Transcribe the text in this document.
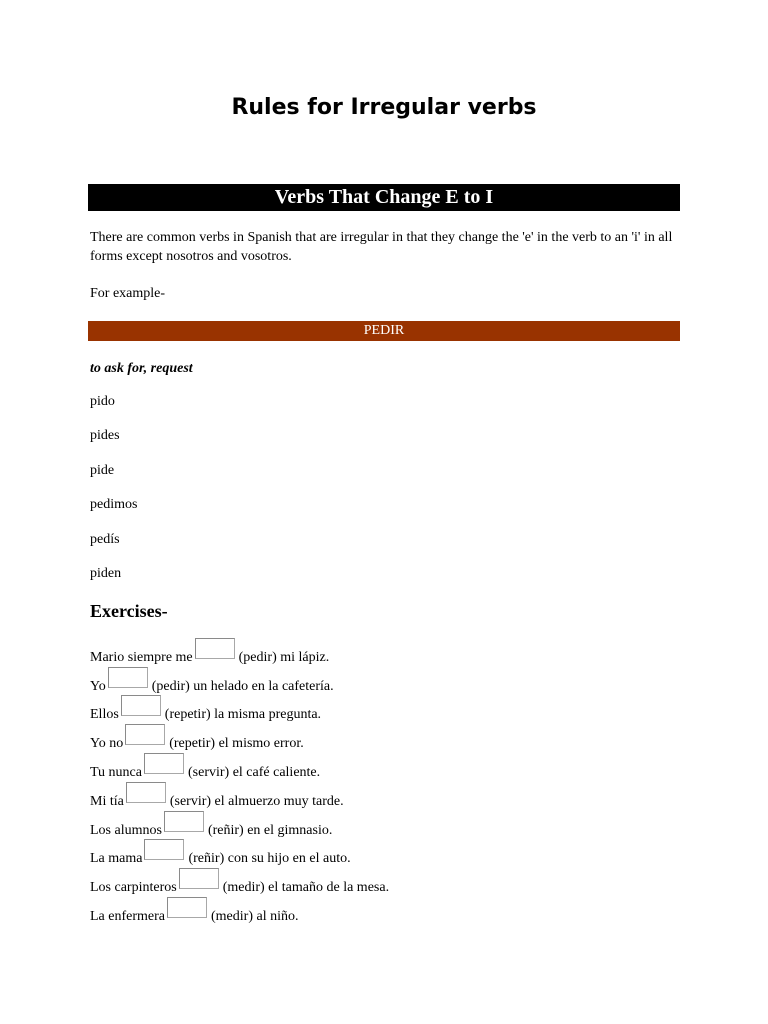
Rules for Irregular verbs
Verbs That Change E to I

There are common verbs in Spanish that are irregular in that they change the 'e' in the verb to an 'i' in all forms except nosotros and vosotros.

For example-

PEDIR

to ask for, request

pido
pides
pide
pedimos
pedís
piden
Exercises-
Mario siempre me	(pedir) mi lápiz.
Yo	(pedir) un helado en la cafetería.
Ellos	(repetir) la misma pregunta.
Yo no	(repetir) el mismo error.
Tu nunca	(servir) el café caliente.
Mi tía	(servir) el almuerzo muy tarde.
Los alumnos	(reñir) en el gimnasio.
La mama	(reñir) con su hijo en el auto.
Los carpinteros	(medir) el tamaño de la mesa.
La enfermera	(medir) al niño.
